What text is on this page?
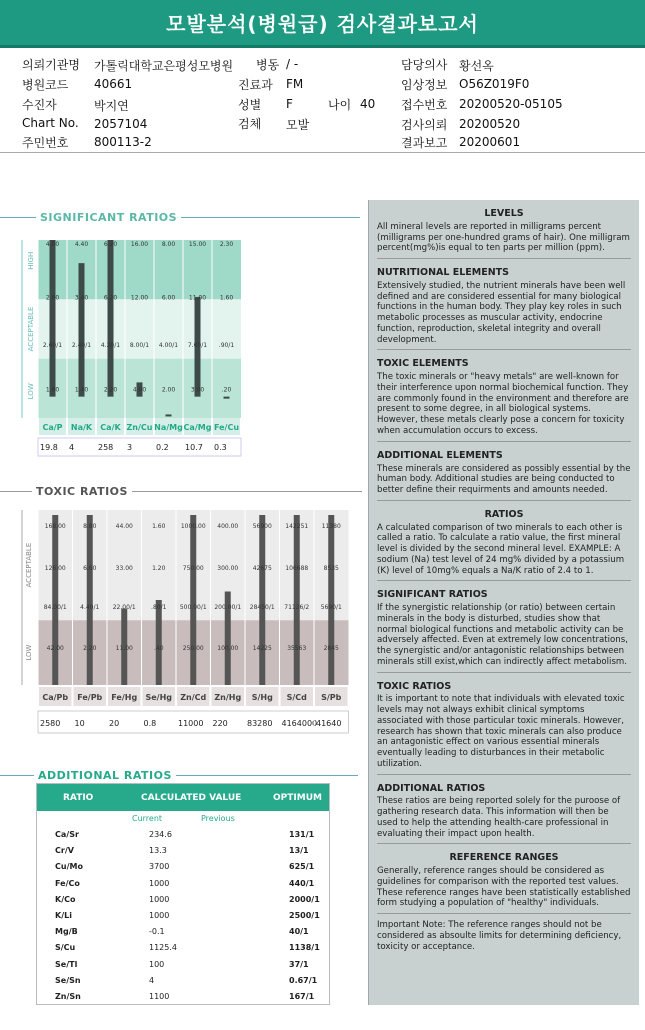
모발분석(병원급) 검사결과보고서
의뢰기관명 가톨릭대학교은평성모병원 병동 / -
병원코드 40661	진료과 FM
수진자	박지연	성별 F	나이 40
Chart No. 2057104	검체 모발
주민번호 800113-2
담당의사 황선옥
임상정보 O56Z019F0
접수번호 20200520-05105
검사의뢰 20200520
결과보고 20200601
SIGNIFICANT RATIOS
HIGH
ACCEPTABLE
LOW
4.00
2.60
2.60/1
1.60
Ca/P
19.8
4.40
3.40
2.40/1
1.40
Na/K
4
6.20
6.20
4.20/1
2.20
Ca/K
258
16.00
12.00
8.00/1
4.00
Zn/Cu
3
8.00
6.00
4.00/1
2.00
Na/Mg
0.2
15.00
11.00
7.00/1
3.00
Ca/Mg
10.7
2.30
1.60
.90/1
.20
Fe/Cu
0.3
TOXIC RATIOS
ACCEPTABLE
LOW
168.00
126.00
84.00/1
42.00
Ca/Pb
2580
8.80
6.60
4.40/1
2.20
Fe/Pb
10
44.00
33.00
22.00/1
11.00
Fe/Hg
20
1.60
1.20
.80/1
.40
Se/Hg
0.8
1000.00
750.00
500.00/1
250.00
Zn/Cd
11000
400.00
300.00
200.00/1
100.00
Zn/Hg
220
56900
42675
28450/1
14225
S/Hg
83280
142251
106688
71126/2
35563
S/Cd
4164000
11380
8535
5690/1
2845
S/Pb
41640
ADDITIONAL RATIOS
RATIO	CALCULATED VALUE	OPTIMUM
Current	Previous
Ca/Sr	234.6	131/1
Cr/V	13.3	13/1
Cu/Mo	3700	625/1
Fe/Co	1000	440/1
K/Co	1000	2000/1
K/Li	1000	2500/1
Mg/B	-0.1	40/1
S/Cu	1125.4	1138/1
Se/Tl	100	37/1
Se/Sn	4	0.67/1
Zn/Sn	1100	167/1
LEVELS

All mineral levels are reported in milligrams percent (milligrams per one-hundred grams of hair). One milligram percent(mg%)is equal to ten parts per million (ppm).

NUTRITIONAL ELEMENTS

Extensively studied, the nutrient minerals have been well defined and are considered essential for many biological functions in the human body. They play key roles in such metabolic processes as muscular activity, endocrine function, reproduction, skeletal integrity and overall development.

TOXIC ELEMENTS

The toxic minerals or "heavy metals" are well-known for their interference upon normal biochemical function. They are commonly found in the environment and therefore are present to some degree, in all biological systems. However, these metals clearly pose a concern for toxicity when accumulation occurs to excess.

ADDITIONAL ELEMENTS

These minerals are considered as possibly essential by the human body. Additional studies are being conducted to better define their requirments and amounts needed.

RATIOS

A calculated comparison of two minerals to each other is called a ratio. To calculate a ratio value, the first mineral level is divided by the second mineral level. EXAMPLE: A sodium (Na) test level of 24 mg% divided by a potassium (K) level of 10mg% equals a Na/K ratio of 2.4 to 1.

SIGNIFICANT RATIOS

If the synergistic relationship (or ratio) between certain minerals in the body is disturbed, studies show that normal biological functions and metabolic activity can be adversely affected. Even at extremely low concentrations, the synergistic and/or antagonistic relationships between minerals still exist,which can indirectly affect metabolism.

TOXIC RATIOS

It is important to note that individuals with elevated toxic levels may not always exhibit clinical symptoms associated with those particular toxic minerals. However, research has shown that toxic minerals can also produce an antagonistic effect on various essential minerals eventually leading to disturbances in their metabolic utilization.

ADDITIONAL RATIOS

These ratios are being reported solely for the puroose of gathering research data. This information will then be used to help the attending health-care professional in evaluating their impact upon health.

REFERENCE RANGES

Generally, reference ranges should be considered as guidelines for comparison with the reported test values. These reference ranges have been statistically established form studying a population of "healthy" individuals.

Important Note: The reference ranges should not be considered as absoulte limits for determining deficiency, toxicity or acceptance.
